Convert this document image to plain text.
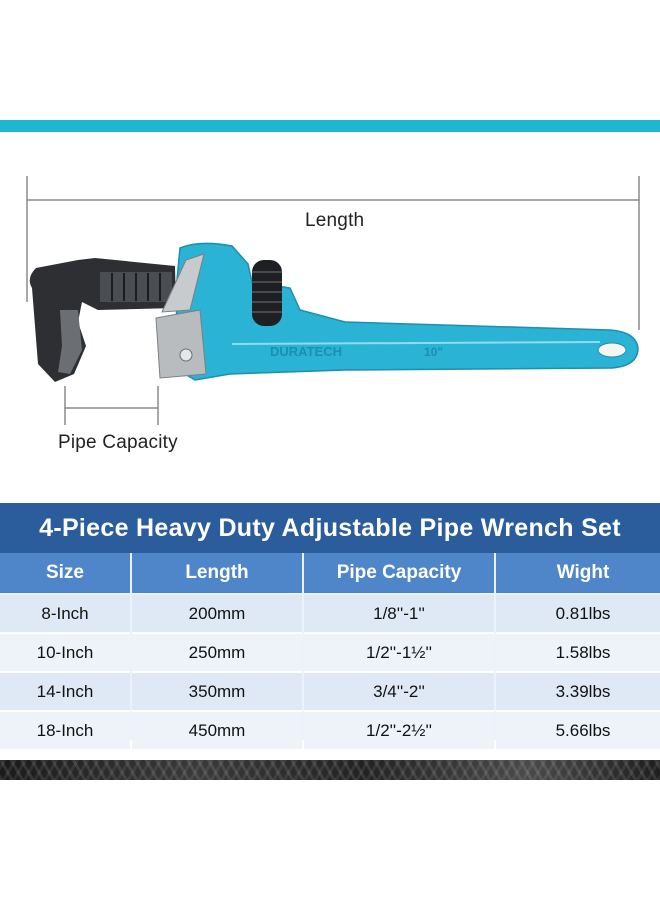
DURATECH	10"
Length
Pipe Capacity
4-Piece Heavy Duty Adjustable Pipe Wrench Set
Size	Length	Pipe Capacity	Wight
8-Inch	200mm	1/8''-1''	0.81lbs
10-Inch	250mm	1/2''-1½''	1.58lbs
14-Inch	350mm	3/4''-2''	3.39lbs
18-Inch	450mm	1/2''-2½''	5.66lbs
